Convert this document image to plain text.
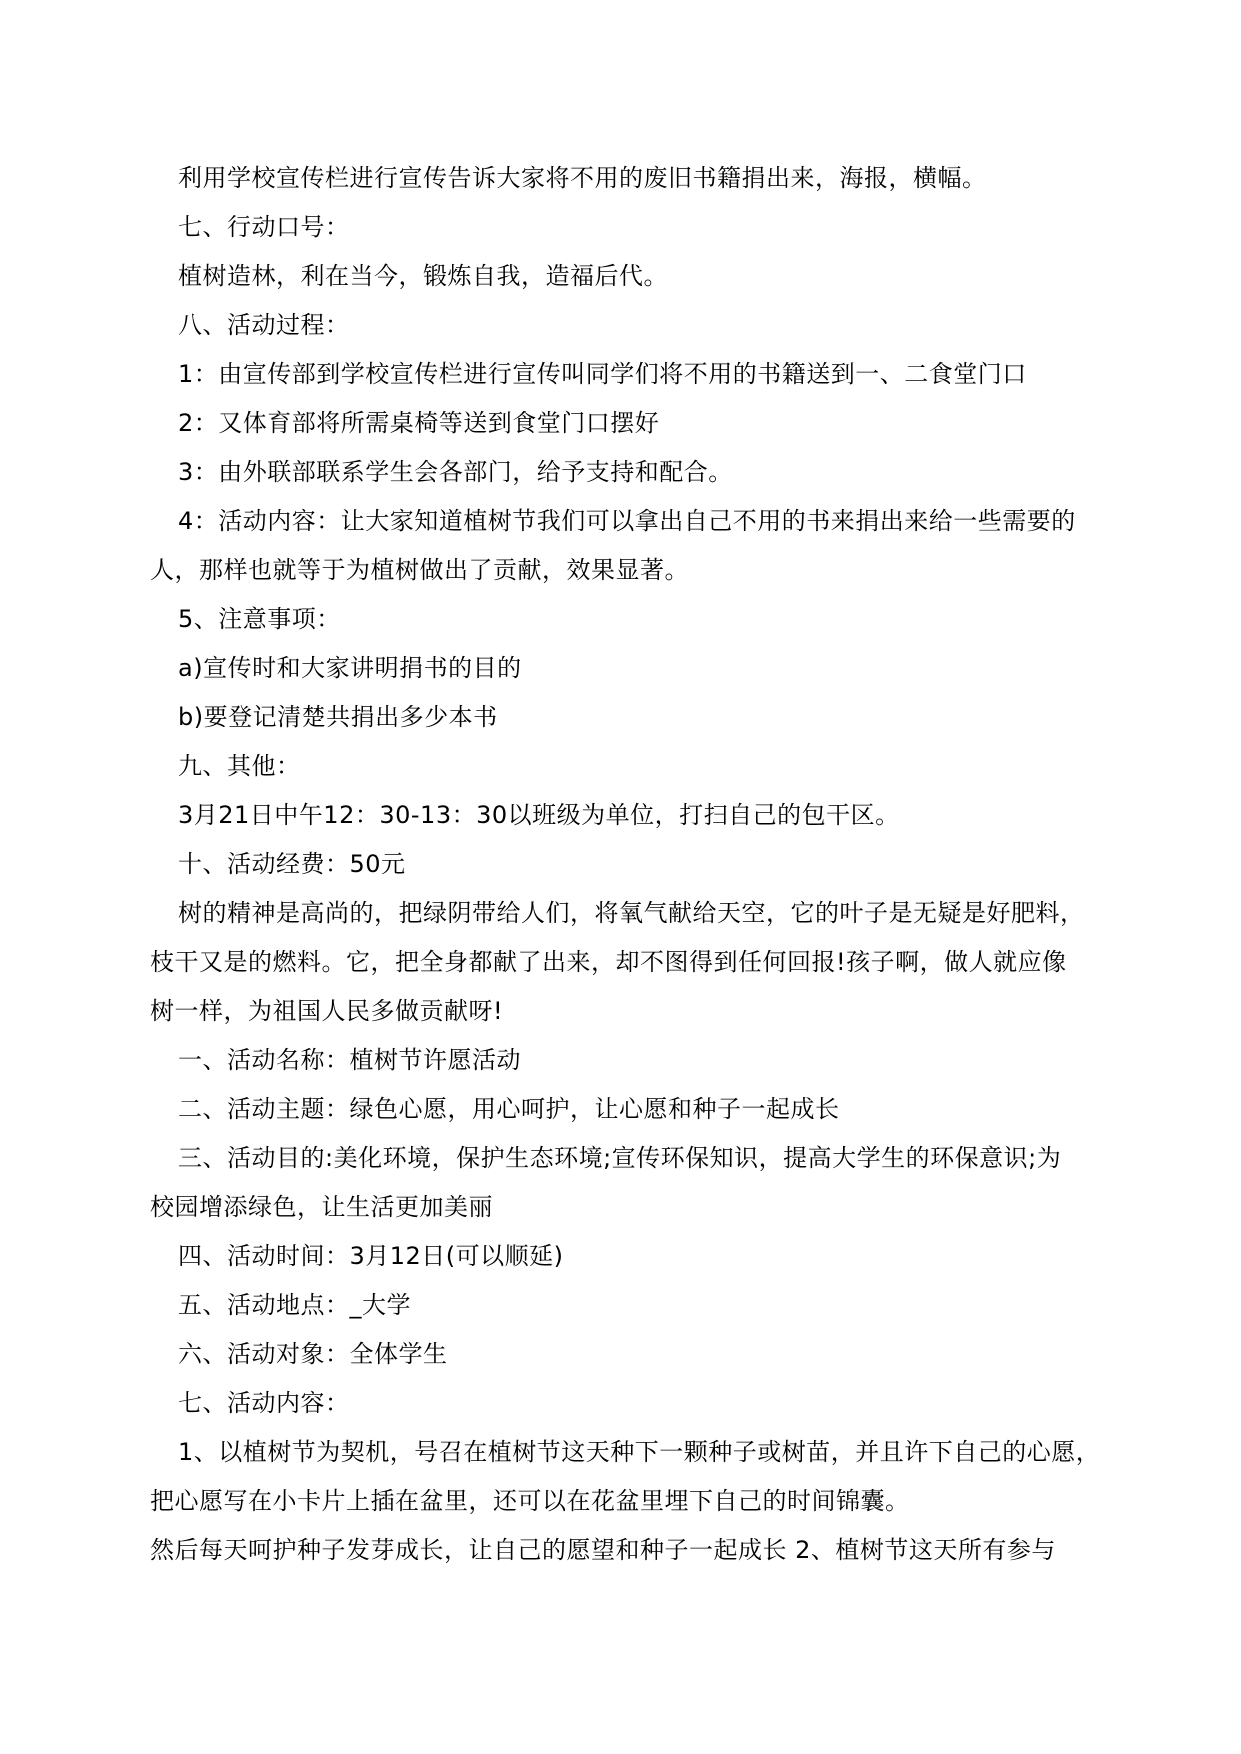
利用学校宣传栏进行宣传告诉大家将不用的废旧书籍捐出来，海报，横幅。
七、行动口号：
植树造林，利在当今，锻炼自我，造福后代。
八、活动过程：
1：由宣传部到学校宣传栏进行宣传叫同学们将不用的书籍送到一、二食堂门口
2：又体育部将所需桌椅等送到食堂门口摆好
3：由外联部联系学生会各部门，给予支持和配合。
4：活动内容：让大家知道植树节我们可以拿出自己不用的书来捐出来给一些需要的
人，那样也就等于为植树做出了贡献，效果显著。
5、注意事项：
a)宣传时和大家讲明捐书的目的
b)要登记清楚共捐出多少本书
九、其他：
3月21日中午12：30-13：30以班级为单位，打扫自己的包干区。
十、活动经费：50元
树的精神是高尚的，把绿阴带给人们，将氧气献给天空，它的叶子是无疑是好肥料，
枝干又是的燃料。它，把全身都献了出来，却不图得到任何回报!孩子啊，做人就应像
树一样，为祖国人民多做贡献呀!
一、活动名称：植树节许愿活动
二、活动主题：绿色心愿，用心呵护，让心愿和种子一起成长
三、活动目的:美化环境，保护生态环境;宣传环保知识，提高大学生的环保意识;为
校园增添绿色，让生活更加美丽
四、活动时间：3月12日(可以顺延)
五、活动地点：_大学
六、活动对象：全体学生
七、活动内容：
1、以植树节为契机，号召在植树节这天种下一颗种子或树苗，并且许下自己的心愿，
把心愿写在小卡片上插在盆里，还可以在花盆里埋下自己的时间锦囊。
然后每天呵护种子发芽成长，让自己的愿望和种子一起成长 2、植树节这天所有参与
